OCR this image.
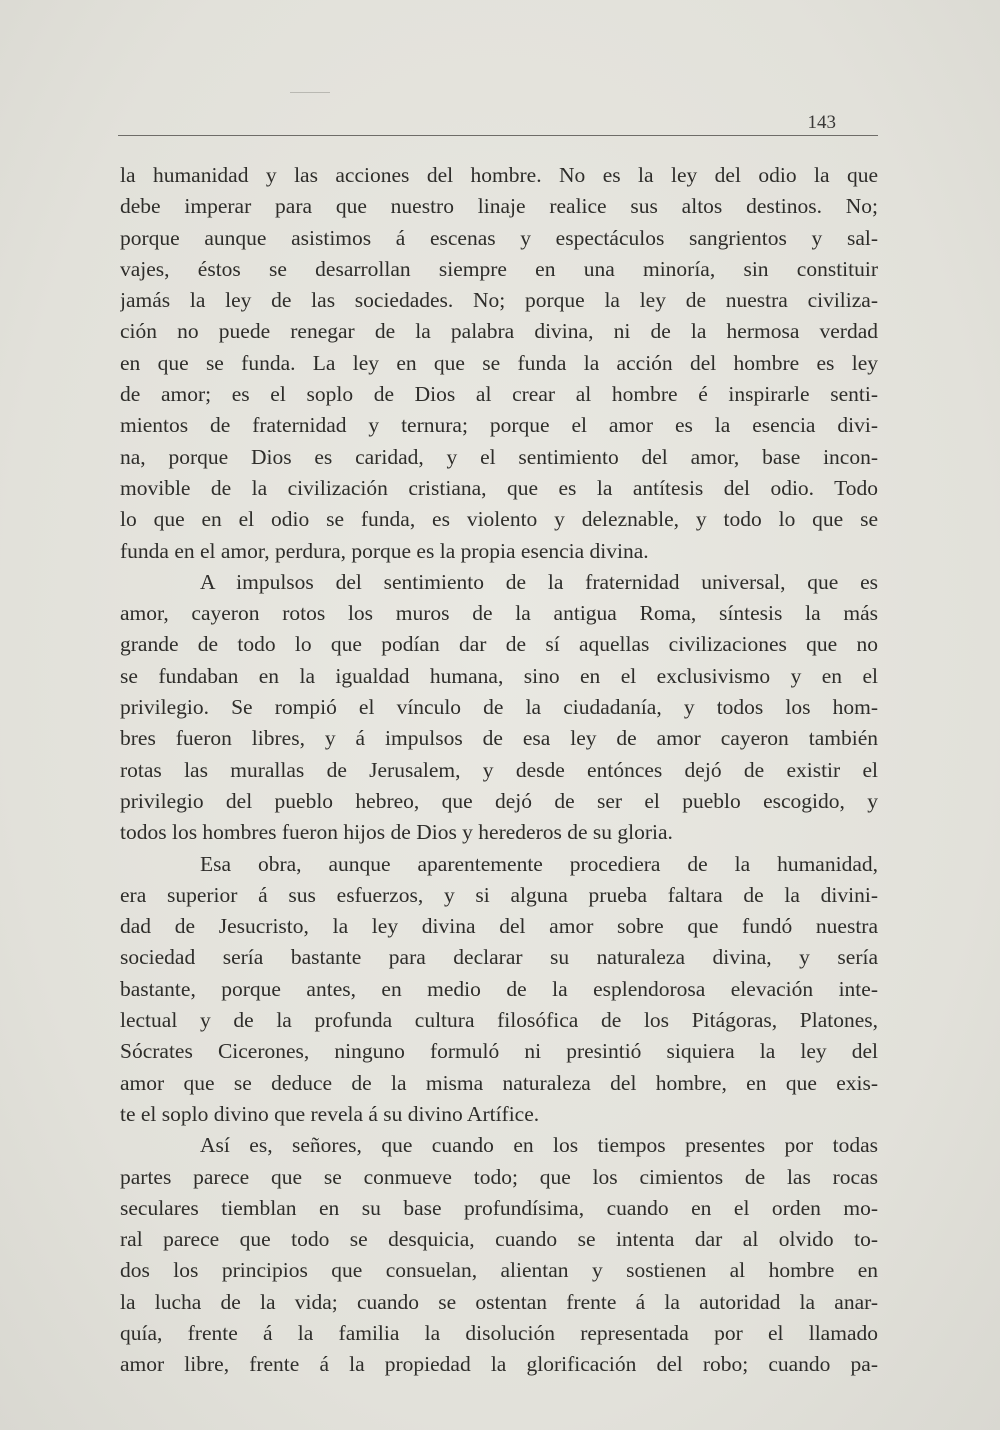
143
la humanidad y las acciones del hombre. No es la ley del odio la que
debe imperar para que nuestro linaje realice sus altos destinos. No;
porque aunque asistimos á escenas y espectáculos sangrientos y sal-
vajes, éstos se desarrollan siempre en una minoría, sin constituir
jamás la ley de las sociedades. No; porque la ley de nuestra civiliza-
ción no puede renegar de la palabra divina, ni de la hermosa verdad
en que se funda. La ley en que se funda la acción del hombre es ley
de amor; es el soplo de Dios al crear al hombre é inspirarle senti-
mientos de fraternidad y ternura; porque el amor es la esencia divi-
na, porque Dios es caridad, y el sentimiento del amor, base incon-
movible de la civilización cristiana, que es la antítesis del odio. Todo
lo que en el odio se funda, es violento y deleznable, y todo lo que se
funda en el amor, perdura, porque es la propia esencia divina.
A impulsos del sentimiento de la fraternidad universal, que es
amor, cayeron rotos los muros de la antigua Roma, síntesis la más
grande de todo lo que podían dar de sí aquellas civilizaciones que no
se fundaban en la igualdad humana, sino en el exclusivismo y en el
privilegio. Se rompió el vínculo de la ciudadanía, y todos los hom-
bres fueron libres, y á impulsos de esa ley de amor cayeron también
rotas las murallas de Jerusalem, y desde entónces dejó de existir el
privilegio del pueblo hebreo, que dejó de ser el pueblo escogido, y
todos los hombres fueron hijos de Dios y herederos de su gloria.
Esa obra, aunque aparentemente procediera de la humanidad,
era superior á sus esfuerzos, y si alguna prueba faltara de la divini-
dad de Jesucristo, la ley divina del amor sobre que fundó nuestra
sociedad sería bastante para declarar su naturaleza divina, y sería
bastante, porque antes, en medio de la esplendorosa elevación inte-
lectual y de la profunda cultura filosófica de los Pitágoras, Platones,
Sócrates Cicerones, ninguno formuló ni presintió siquiera la ley del
amor que se deduce de la misma naturaleza del hombre, en que exis-
te el soplo divino que revela á su divino Artífice.
Así es, señores, que cuando en los tiempos presentes por todas
partes parece que se conmueve todo; que los cimientos de las rocas
seculares tiemblan en su base profundísima, cuando en el orden mo-
ral parece que todo se desquicia, cuando se intenta dar al olvido to-
dos los principios que consuelan, alientan y sostienen al hombre en
la lucha de la vida; cuando se ostentan frente á la autoridad la anar-
quía, frente á la familia la disolución representada por el llamado
amor libre, frente á la propiedad la glorificación del robo; cuando pa-
